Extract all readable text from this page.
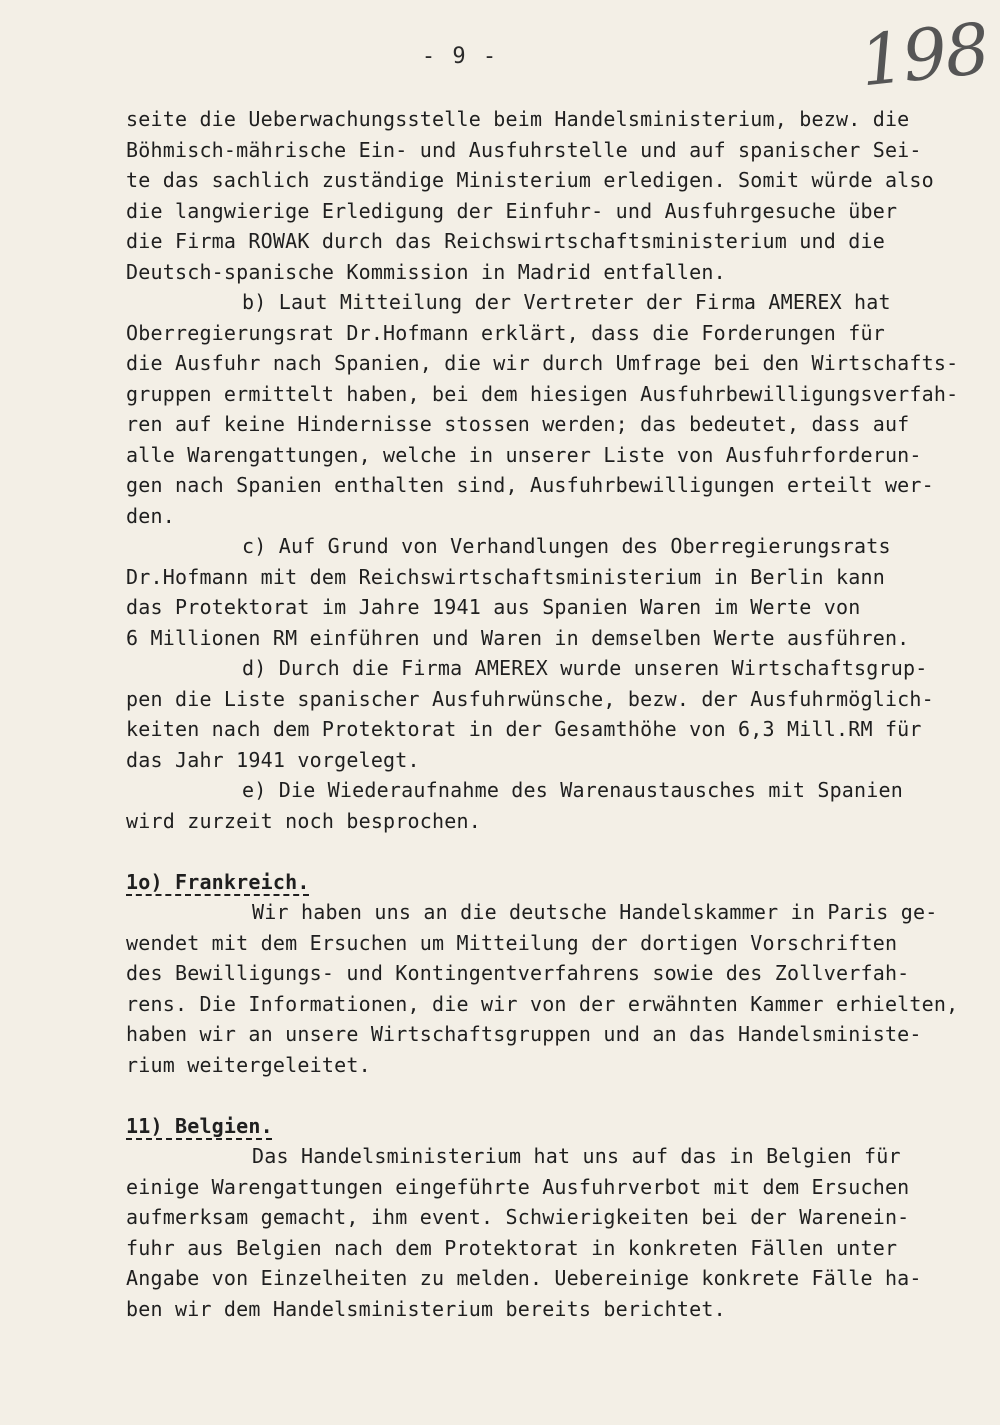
- 9 -	198
seite die Ueberwachungsstelle beim Handelsministerium, bezw. die
Böhmisch-mährische Ein- und Ausfuhrstelle und auf spanischer Sei-
te das sachlich zuständige Ministerium erledigen. Somit würde also
die langwierige Erledigung der Einfuhr- und Ausfuhrgesuche über
die Firma ROWAK durch das Reichswirtschaftsministerium und die
Deutsch-spanische Kommission in Madrid entfallen.
b) Laut Mitteilung der Vertreter der Firma AMEREX hat
Oberregierungsrat Dr.Hofmann erklärt, dass die Forderungen für
die Ausfuhr nach Spanien, die wir durch Umfrage bei den Wirtschafts-
gruppen ermittelt haben, bei dem hiesigen Ausfuhrbewilligungsverfah-
ren auf keine Hindernisse stossen werden; das bedeutet, dass auf
alle Warengattungen, welche in unserer Liste von Ausfuhrforderun-
gen nach Spanien enthalten sind, Ausfuhrbewilligungen erteilt wer-
den.
c) Auf Grund von Verhandlungen des Oberregierungsrats
Dr.Hofmann mit dem Reichswirtschaftsministerium in Berlin kann
das Protektorat im Jahre 1941 aus Spanien Waren im Werte von
6 Millionen RM einführen und Waren in demselben Werte ausführen.
d) Durch die Firma AMEREX wurde unseren Wirtschaftsgrup-
pen die Liste spanischer Ausfuhrwünsche, bezw. der Ausfuhrmöglich-
keiten nach dem Protektorat in der Gesamthöhe von 6,3 Mill.RM für
das Jahr 1941 vorgelegt.
e) Die Wiederaufnahme des Warenaustausches mit Spanien
wird zurzeit noch besprochen.
1o) Frankreich.
Wir haben uns an die deutsche Handelskammer in Paris ge-
wendet mit dem Ersuchen um Mitteilung der dortigen Vorschriften
des Bewilligungs- und Kontingentverfahrens sowie des Zollverfah-
rens. Die Informationen, die wir von der erwähnten Kammer erhielten,
haben wir an unsere Wirtschaftsgruppen und an das Handelsministe-
rium weitergeleitet.
11) Belgien.
Das Handelsministerium hat uns auf das in Belgien für
einige Warengattungen eingeführte Ausfuhrverbot mit dem Ersuchen
aufmerksam gemacht, ihm event. Schwierigkeiten bei der Warenein-
fuhr aus Belgien nach dem Protektorat in konkreten Fällen unter
Angabe von Einzelheiten zu melden. Uebereinige konkrete Fälle ha-
ben wir dem Handelsministerium bereits berichtet.
